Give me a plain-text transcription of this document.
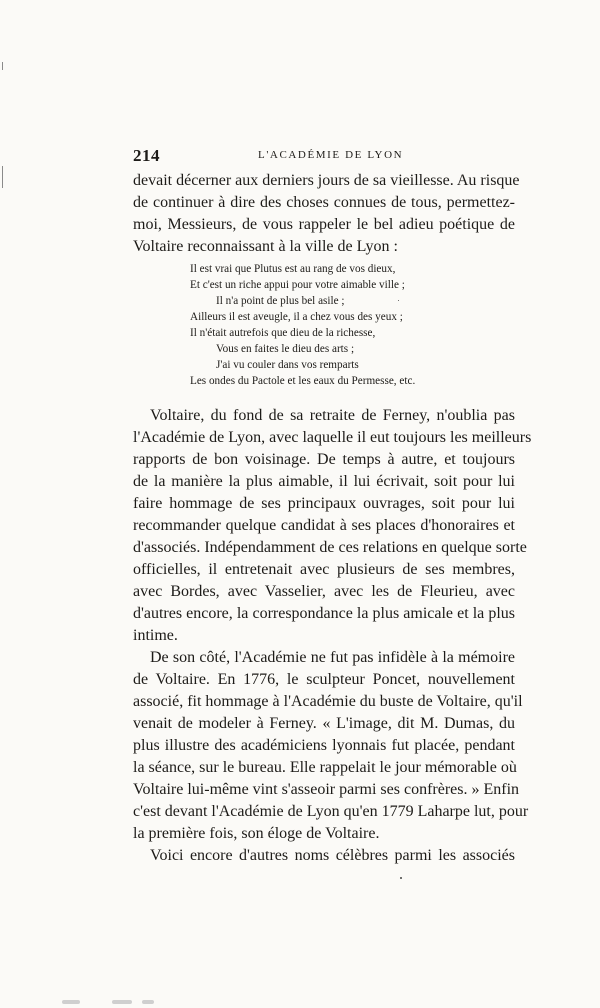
214	L'ACADÉMIE DE LYON
devait décerner aux derniers jours de sa vieillesse. Au risque
de continuer à dire des choses connues de tous, permettez-
moi, Messieurs, de vous rappeler le bel adieu poétique de
Voltaire reconnaissant à la ville de Lyon :
Il est vrai que Plutus est au rang de vos dieux,
Et c'est un riche appui pour votre aimable ville ;
Il n'a point de plus bel asile ;
Ailleurs il est aveugle, il a chez vous des yeux ;
Il n'était autrefois que dieu de la richesse,
Vous en faites le dieu des arts ;
J'ai vu couler dans vos remparts
Les ondes du Pactole et les eaux du Permesse, etc.
Voltaire, du fond de sa retraite de Ferney, n'oublia pas
l'Académie de Lyon, avec laquelle il eut toujours les meilleurs
rapports de bon voisinage. De temps à autre, et toujours
de la manière la plus aimable, il lui écrivait, soit pour lui
faire hommage de ses principaux ouvrages, soit pour lui
recommander quelque candidat à ses places d'honoraires et
d'associés. Indépendamment de ces relations en quelque sorte
officielles, il entretenait avec plusieurs de ses membres,
avec Bordes, avec Vasselier, avec les de Fleurieu, avec
d'autres encore, la correspondance la plus amicale et la plus
intime.
De son côté, l'Académie ne fut pas infidèle à la mémoire
de Voltaire. En 1776, le sculpteur Poncet, nouvellement
associé, fit hommage à l'Académie du buste de Voltaire, qu'il
venait de modeler à Ferney. « L'image, dit M. Dumas, du
plus illustre des académiciens lyonnais fut placée, pendant
la séance, sur le bureau. Elle rappelait le jour mémorable où
Voltaire lui-même vint s'asseoir parmi ses confrères. » Enfin
c'est devant l'Académie de Lyon qu'en 1779 Laharpe lut, pour
la première fois, son éloge de Voltaire.
Voici encore d'autres noms célèbres parmi les associés
